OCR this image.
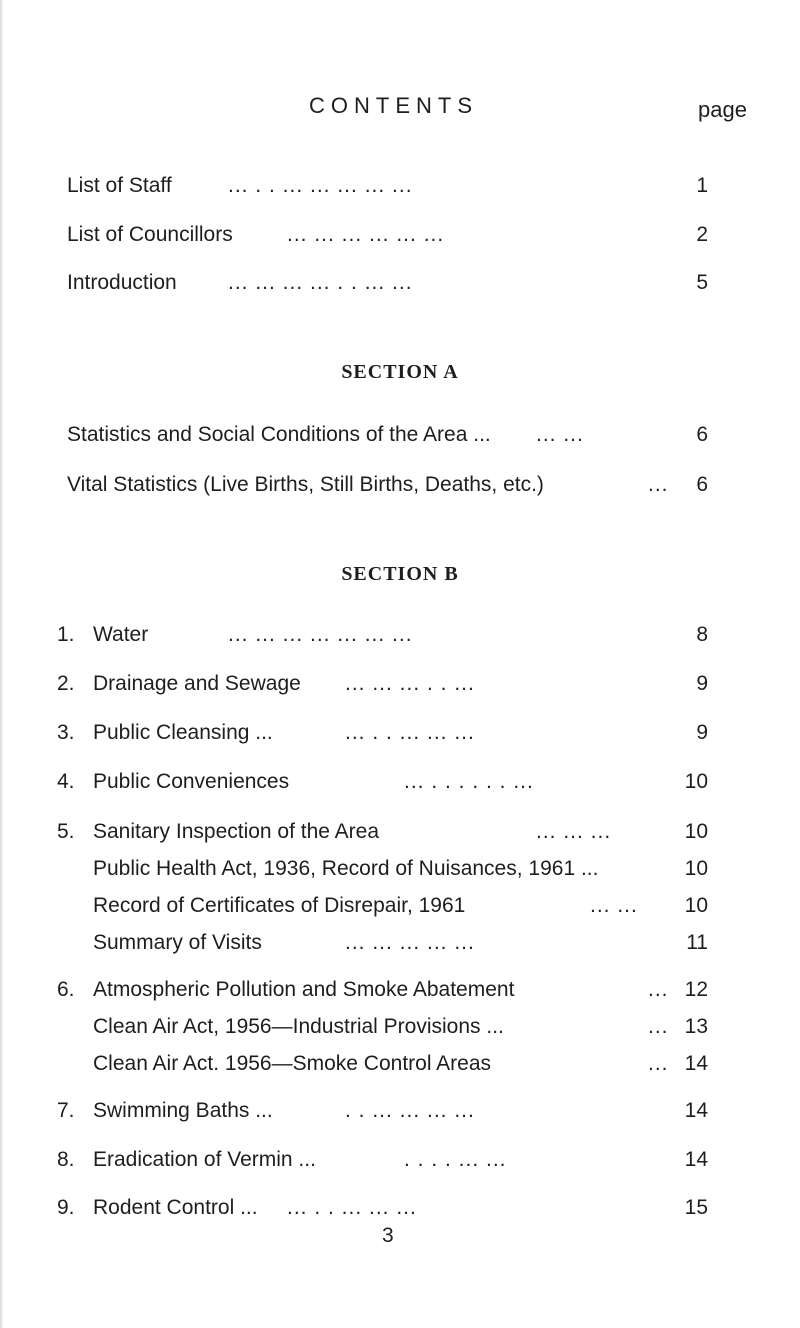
CONTENTS	page
List of Staff	... . . ... ... ... ... ...	1
List of Councillors	... ... ... ... ... ...	2
Introduction ... ... ... ... . . ... ...	5
SECTION A
Statistics and Social Conditions of the Area ... ... ...	6
Vital Statistics (Live Births, Still Births, Deaths, etc.)	... 6
SECTION B
1. Water	... ... ... ... ... ... ...	8
2. Drainage and Sewage ... ... ... . . ...	9
3. Public Cleansing ...	... . . ... ... ...	9
4. Public Conveniences	... . . . . . . ...	10
5. Sanitary Inspection of the Area	... ... ...	10
Public Health Act, 1936, Record of Nuisances, 1961 ...	10
Record of Certificates of Disrepair, 1961	... ... 10
Summary of Visits	... ... ... ... ...	11
6. Atmospheric Pollution and Smoke Abatement	... 12
Clean Air Act, 1956—Industrial Provisions ...	... 13
Clean Air Act. 1956—Smoke Control Areas	... 14
7. Swimming Baths ...	. . ... ... ... ...	14
8. Eradication of Vermin ...	. . . . ... ...	14
9. Rodent Control ... ... . . ... ... ...	15
3
